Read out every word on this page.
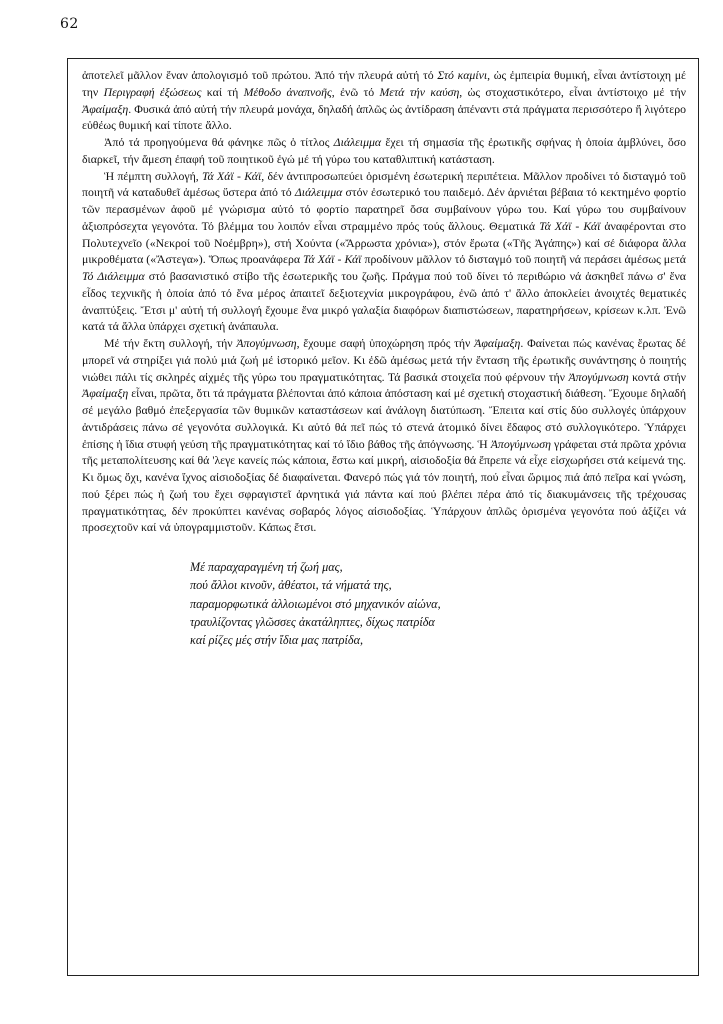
62

ἀποτελεῖ μᾶλλον ἕναν ἀπολογισμό τοῦ πρώτου. Ἀπό τήν πλευρά αὐτή τό Στό καμίνι, ὡς ἐμπειρία θυμική, εἶναι ἀντίστοιχη μέ την Περιγραφή ἐξώσεως καί τή Μέθοδο ἀναπνοῆς, ἐνῶ τό Μετά τήν καύση, ὡς στοχαστικότερο, εἶναι ἀντίστοιχο μέ τήν Ἀφαίμαξη. Φυσικά ἀπό αὐτή τήν πλευρά μονάχα, δηλαδή ἁπλῶς ὡς ἀντίδραση ἀπέναντι στά πράγματα περισσότερο ἤ λιγότερο εὐθέως θυμική καί τίποτε ἄλλο.

Ἀπό τά προηγούμενα θά φάνηκε πῶς ὁ τίτλος Διάλειμμα ἔχει τή σημασία τῆς ἐρωτικῆς σφήνας ἡ ὁποία ἀμβλύνει, ὅσο διαρκεῖ, τήν ἄμεση ἐπαφή τοῦ ποιητικοῦ ἐγώ μέ τή γύρω του καταθλιπτική κατάσταση.

Ἡ πέμπτη συλλογή, Τά Χάϊ - Κάϊ, δέν ἀντιπροσωπεύει ὁρισμένη ἐσωτερική περιπέτεια. Μᾶλλον προδίνει τό δισταγμό τοῦ ποιητῆ νά καταδυθεῖ ἀμέσως ὕστερα ἀπό τό Διάλειμμα στόν ἐσωτερικό του παιδεμό. Δέν ἀρνιέται βέβαια τό κεκτημένο φορτίο τῶν περασμένων ἀφοῦ μέ γνώρισμα αὐτό τό φορτίο παρατηρεῖ ὅσα συμβαίνουν γύρω του. Καί γύρω του συμβαίνουν ἀξιοπρόσεχτα γεγονότα. Τό βλέμμα του λοιπόν εἶναι στραμμένο πρός τούς ἄλλους. Θεματικά Τά Χάϊ - Κάϊ ἀναφέρονται στο Πολυτεχνεῖο («Νεκροί τοῦ Νοέμβρη»), στή Χούντα («Ἄρρωστα χρόνια»), στόν ἔρωτα («Τῆς Ἀγάπης») καί σέ διάφορα ἄλλα μικροθέματα («Ἄστεγα»). Ὅπως προανάφερα Τά Χάϊ - Κάϊ προδίνουν μᾶλλον τό δισταγμό τοῦ ποιητῆ νά περάσει ἀμέσως μετά Τό Διάλειμμα στό βασανιστικό στίβο τῆς ἐσωτερικῆς του ζωῆς. Πράγμα πού τοῦ δίνει τό περιθώριο νά ἀσκηθεῖ πάνω σ' ἕνα εἶδος τεχνικῆς ἡ ὁποία ἀπό τό ἕνα μέρος ἀπαιτεῖ δεξιοτεχνία μικρογράφου, ἐνῶ ἀπό τ' ἄλλο ἀποκλείει ἀνοιχτές θεματικές ἀναπτύξεις. Ἔτσι μ' αὐτή τή συλλογή ἔχουμε ἕνα μικρό γαλαξία διαφόρων διαπιστώσεων, παρατηρήσεων, κρίσεων κ.λπ. Ἐνῶ κατά τά ἄλλα ὑπάρχει σχετική ἀνάπαυλα.

Μέ τήν ἕκτη συλλογή, τήν Ἀπογύμνωση, ἔχουμε σαφή ὑποχώρηση πρός τήν Ἀφαίμαξη. Φαίνεται πώς κανένας ἔρωτας δέ μπορεῖ νά στηρίξει γιά πολύ μιά ζωή μέ ἱστορικό μεῖον. Κι ἐδῶ ἀμέσως μετά τήν ἔνταση τῆς ἐρωτικῆς συνάντησης ὁ ποιητής νιώθει πάλι τίς σκληρές αἰχμές τῆς γύρω του πραγματικότητας. Τά βασικά στοιχεῖα πού φέρνουν τήν Ἀπογύμνωση κοντά στήν Ἀφαίμαξη εἶναι, πρῶτα, ὅτι τά πράγματα βλέπονται ἀπό κάποια ἀπόσταση καί μέ σχετική στοχαστική διάθεση. Ἔχουμε δηλαδή σέ μεγάλο βαθμό ἐπεξεργασία τῶν θυμικῶν καταστάσεων καί ἀνάλογη διατύπωση. Ἔπειτα καί στίς δύο συλλογές ὑπάρχουν ἀντιδράσεις πάνω σέ γεγονότα συλλογικά. Κι αὐτό θά πεῖ πώς τό στενά ἀτομικό δίνει ἔδαφος στό συλλογικότερο. Ὑπάρχει ἐπίσης ἡ ἴδια στυφή γεύση τῆς πραγματικότητας καί τό ἴδιο βάθος τῆς ἀπόγνωσης. Ἡ Ἀπογύμνωση γράφεται στά πρῶτα χρόνια τῆς μεταπολίτευσης καί θά 'λεγε κανείς πώς κάποια, ἔστω καί μικρή, αἰσιοδοξία θά ἔπρεπε νά εἶχε εἰσχωρήσει στά κείμενά της. Κι ὅμως ὄχι, κανένα ἴχνος αἰσιοδοξίας δέ διαφαίνεται. Φανερό πώς γιά τόν ποιητή, πού εἶναι ὥριμος πιά ἀπό πεῖρα καί γνώση, πού ξέρει πώς ἡ ζωή του ἔχει σφραγιστεῖ ἀρνητικά γιά πάντα καί πού βλέπει πέρα ἀπό τίς διακυμάνσεις τῆς τρέχουσας πραγματικότητας, δέν προκύπτει κανένας σοβαρός λόγος αἰσιοδοξίας. Ὑπάρχουν ἁπλῶς ὁρισμένα γεγονότα πού ἀξίζει νά προσεχτοῦν καί νά ὑπογραμμιστοῦν. Κάπως ἔτσι.

Μέ παραχαραγμένη τή ζωή μας,
πού ἄλλοι κινοῦν, ἀθέατοι, τά νήματά της,
παραμορφωτικά ἀλλοιωμένοι στό μηχανικόν αἰώνα,
τραυλίζοντας γλῶσσες ἀκατάληπτες, δίχως πατρίδα
καί ρίζες μές στήν ἴδια μας πατρίδα,
